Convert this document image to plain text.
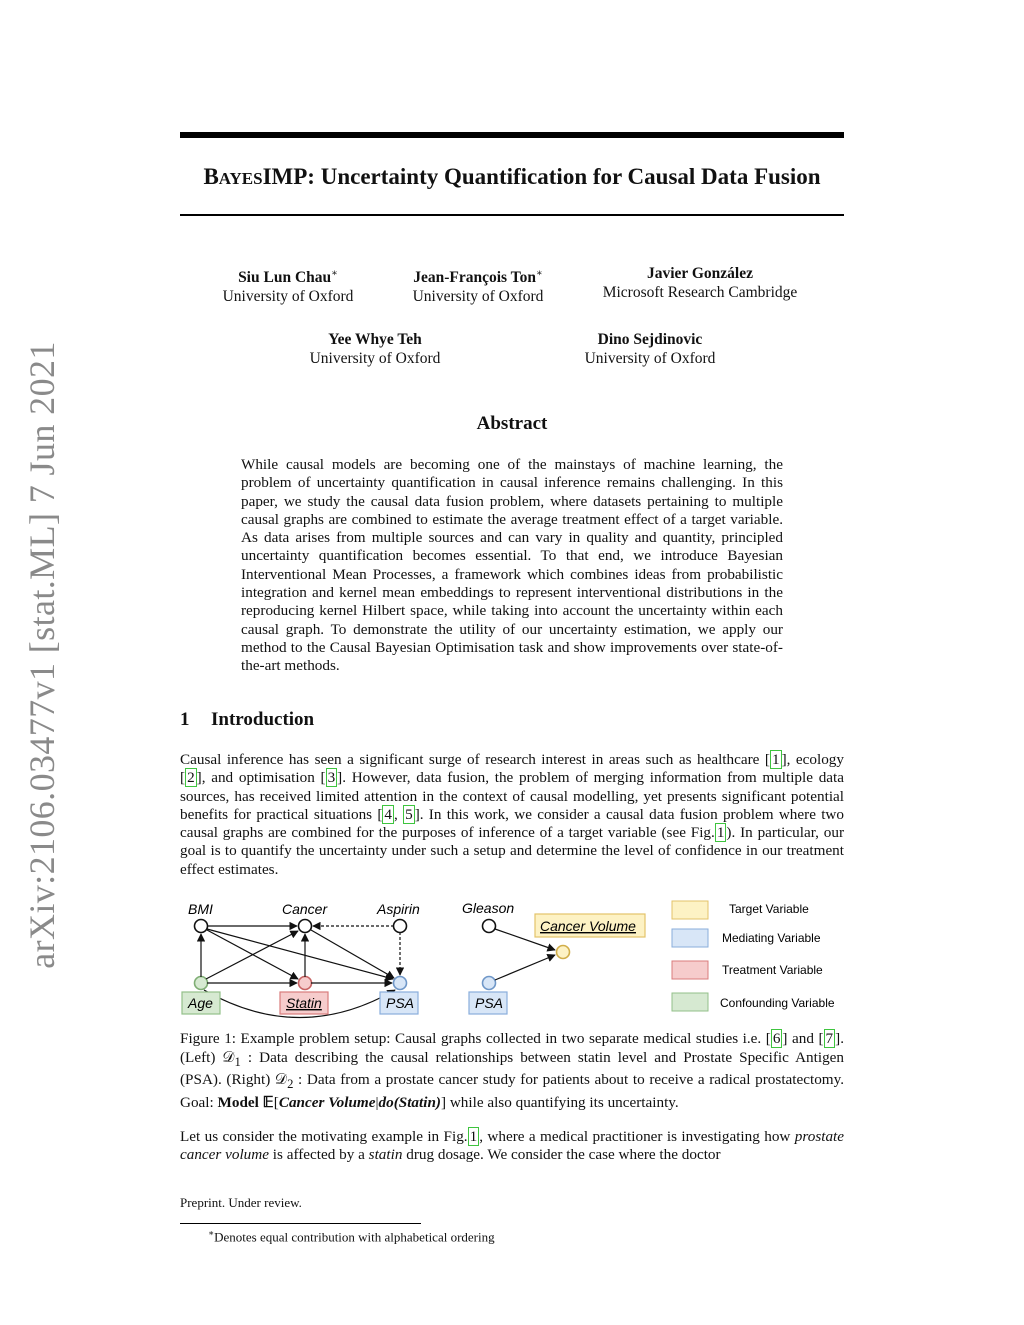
arXiv:2106.03477v1 [stat.ML] 7 Jun 2021
BAYESIMP: Uncertainty Quantification for Causal Data Fusion
Siu Lun Chau∗
University of Oxford
Jean-François Ton∗
University of Oxford
Javier González
Microsoft Research Cambridge
Yee Whye Teh
University of Oxford
Dino Sejdinovic
University of Oxford
Abstract

While causal models are becoming one of the mainstays of machine learning, the problem of uncertainty quantification in causal inference remains challenging. In this paper, we study the causal data fusion problem, where datasets pertaining to multiple causal graphs are combined to estimate the average treatment effect of a target variable. As data arises from multiple sources and can vary in quality and quantity, principled uncertainty quantification becomes essential. To that end, we introduce Bayesian Interventional Mean Processes, a framework which combines ideas from probabilistic integration and kernel mean embeddings to represent interventional distributions in the reproducing kernel Hilbert space, while taking into account the uncertainty within each causal graph. To demonstrate the utility of our uncertainty estimation, we apply our method to the Causal Bayesian Optimisation task and show improvements over state-of-the-art methods.

1 Introduction

Causal inference has seen a significant surge of research interest in areas such as healthcare [ 1 ], ecology [ 2 ], and optimisation [ 3 ]. However, data fusion, the problem of merging information from multiple data sources, has received limited attention in the context of causal modelling, yet presents significant potential benefits for practical situations [ 4 , 5 ]. In this work, we consider a causal data fusion problem where two causal graphs are combined for the purposes of inference of a target variable (see Fig. 1 ). In particular, our goal is to quantify the uncertainty under such a setup and determine the level of confidence in our treatment effect estimates.

BMI	Cancer	Aspirin
Age	Statin	PSA
Gleason
Cancer Volume
PSA
Target Variable
Mediating Variable
Treatment Variable
Confounding Variable

Figure 1: Example problem setup: Causal graphs collected in two separate medical studies i.e. [ 6 ] and [ 7 ]. (Left) 𝒟$_1$ : Data describing the causal relationships between statin level and Prostate Specific Antigen (PSA). (Right) 𝒟$_2$ : Data from a prostate cancer study for patients about to receive a radical prostatectomy. Goal: Model 𝔼[Cancer Volume|do(Statin)] while also quantifying its uncertainty.

Let us consider the motivating example in Fig. 1 , where a medical practitioner is investigating how prostate cancer volume is affected by a statin drug dosage. We consider the case where the doctor

Preprint. Under review.

∗Denotes equal contribution with alphabetical ordering
